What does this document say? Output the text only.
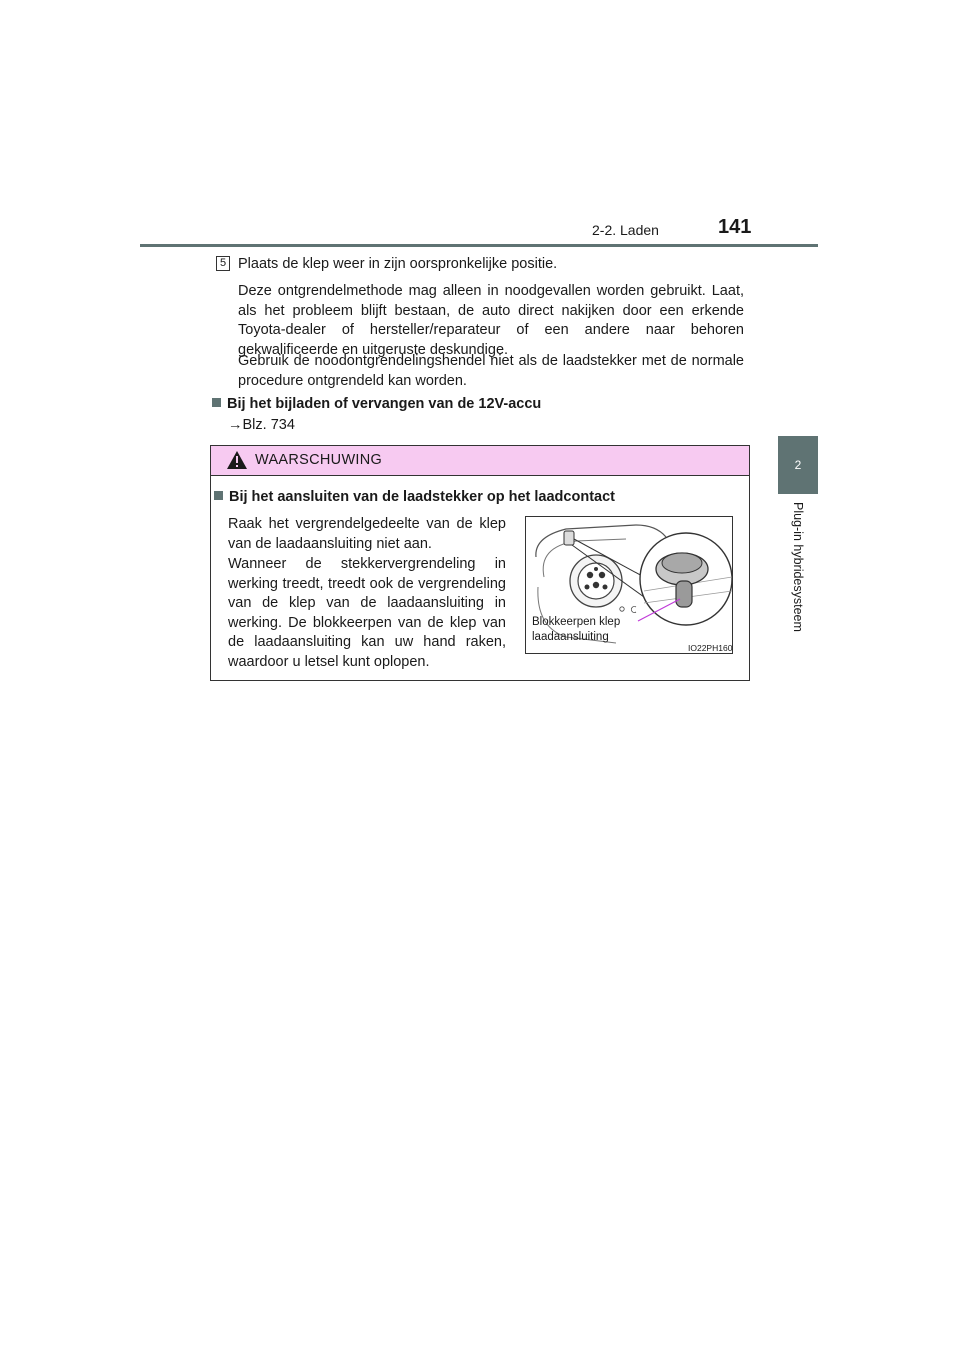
2-2. Laden	141
2
Plug-in hybridesysteem
5 Plaats de klep weer in zijn oorspronkelijke positie.
Deze ontgrendelmethode mag alleen in noodgevallen worden gebruikt. Laat, als het probleem blijft bestaan, de auto direct nakijken door een erkende Toyota-dealer of hersteller/reparateur of een andere naar behoren gekwalificeerde en uitgeruste deskundige.
Gebruik de noodontgrendelingshendel niet als de laadstekker met de normale procedure ontgrendeld kan worden.
Bij het bijladen of vervangen van de 12V-accu
→Blz. 734
WAARSCHUWING
Bij het aansluiten van de laadstekker op het laadcontact
Raak het vergrendelgedeelte van de klep van de laadaansluiting niet aan.
Wanneer de stekkervergrendeling in werking treedt, treedt ook de vergrendeling van de klep van de laadaansluiting in werking. De blokkeerpen van de klep van de laadaansluiting kan uw hand raken, waardoor u letsel kunt oplopen.
Blokkeerpen klep
laadaansluiting
IO22PH160
